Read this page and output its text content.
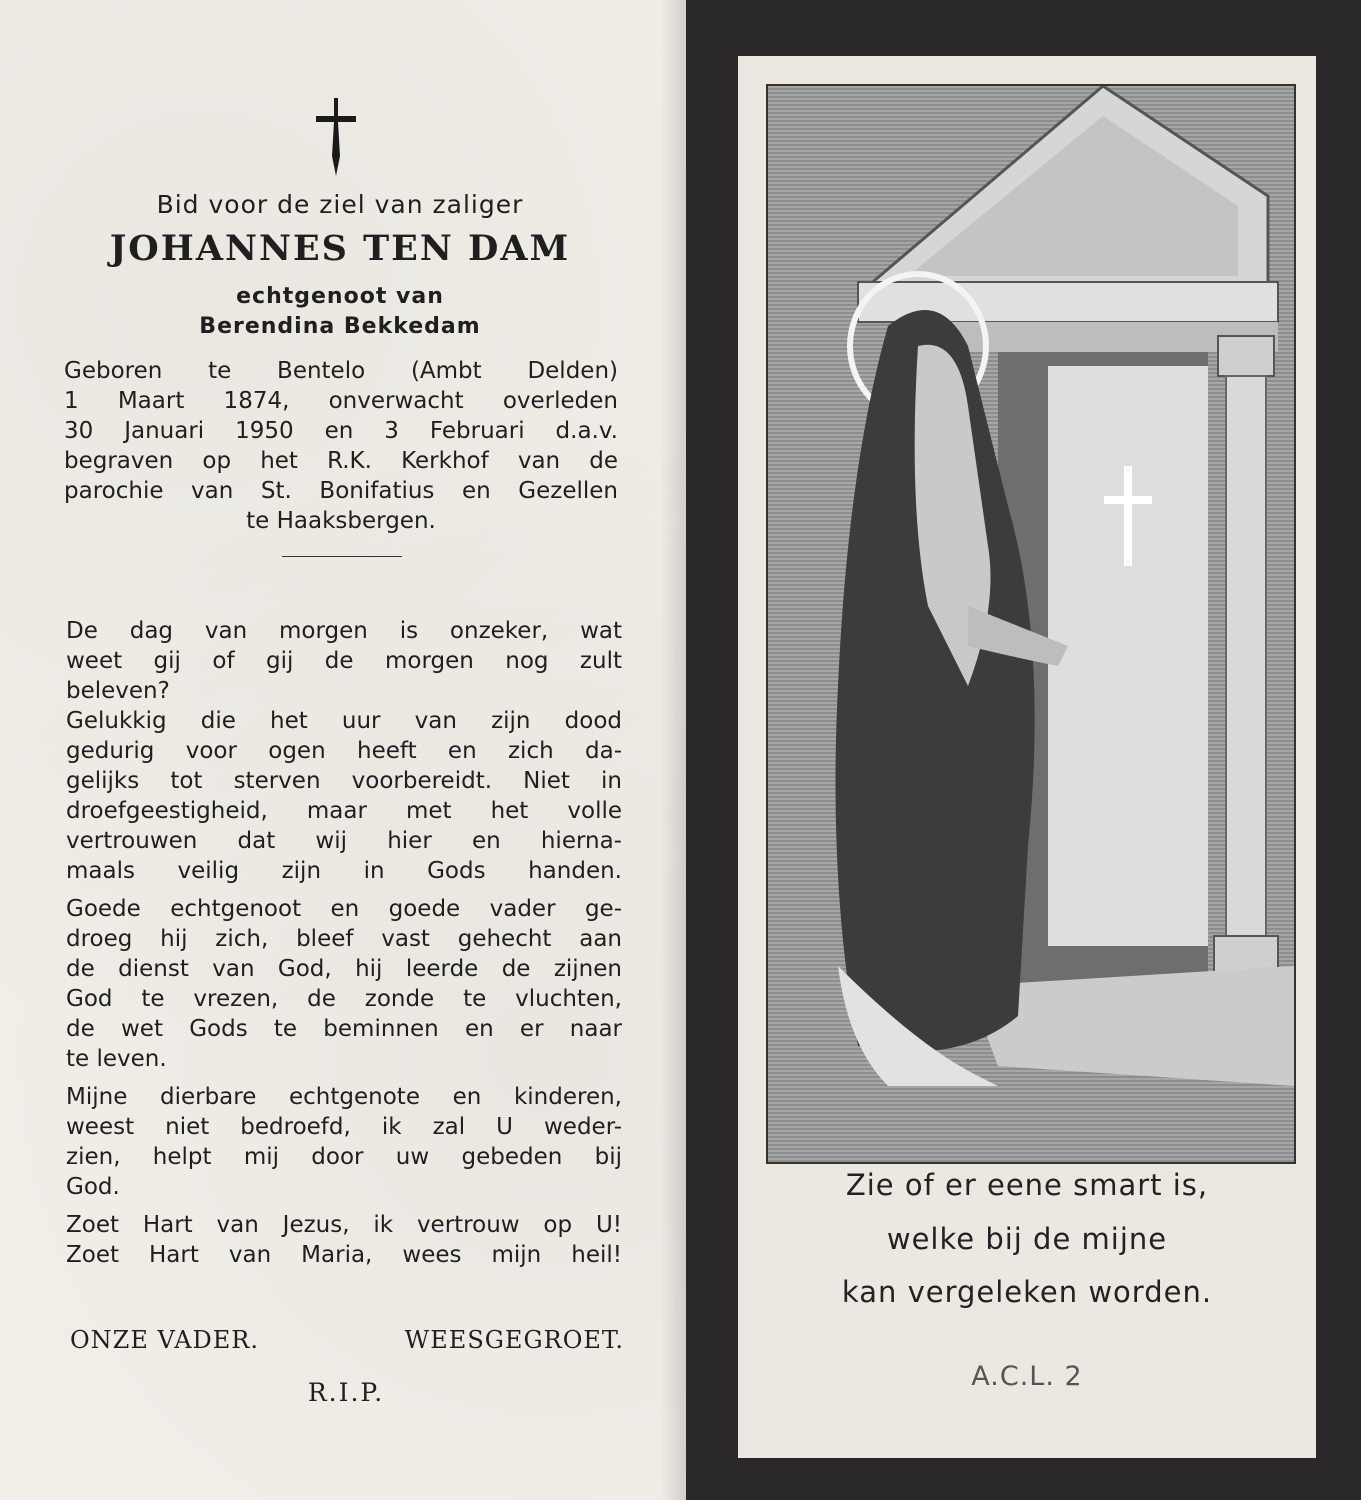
Bid voor de ziel van zaliger
JOHANNES TEN DAM
echtgenoot van
Berendina Bekkedam
Geboren te Bentelo (Ambt Delden)
1 Maart 1874, onverwacht overleden
30 Januari 1950 en 3 Februari d.a.v.
begraven op het R.K. Kerkhof van de
parochie van St. Bonifatius en Gezellen
te Haaksbergen.
De dag van morgen is onzeker, wat
weet gij of gij de morgen nog zult
beleven?
Gelukkig die het uur van zijn dood
gedurig voor ogen heeft en zich da-
gelijks tot sterven voorbereidt. Niet in
droefgeestigheid, maar met het volle
vertrouwen dat wij hier en hierna-
maals veilig zijn in Gods handen.
Goede echtgenoot en goede vader ge-
droeg hij zich, bleef vast gehecht aan
de dienst van God, hij leerde de zijnen
God te vrezen, de zonde te vluchten,
de wet Gods te beminnen en er naar
te leven.
Mijne dierbare echtgenote en kinderen,
weest niet bedroefd, ik zal U weder-
zien, helpt mij door uw gebeden bij
God.
Zoet Hart van Jezus, ik vertrouw op U!
Zoet Hart van Maria, wees mijn heil!
ONZE VADER.	WEESGEGROET.
R.I.P.
Zie of er eene smart is,
welke bij de mijne
kan vergeleken worden.
A.C.L. 2
